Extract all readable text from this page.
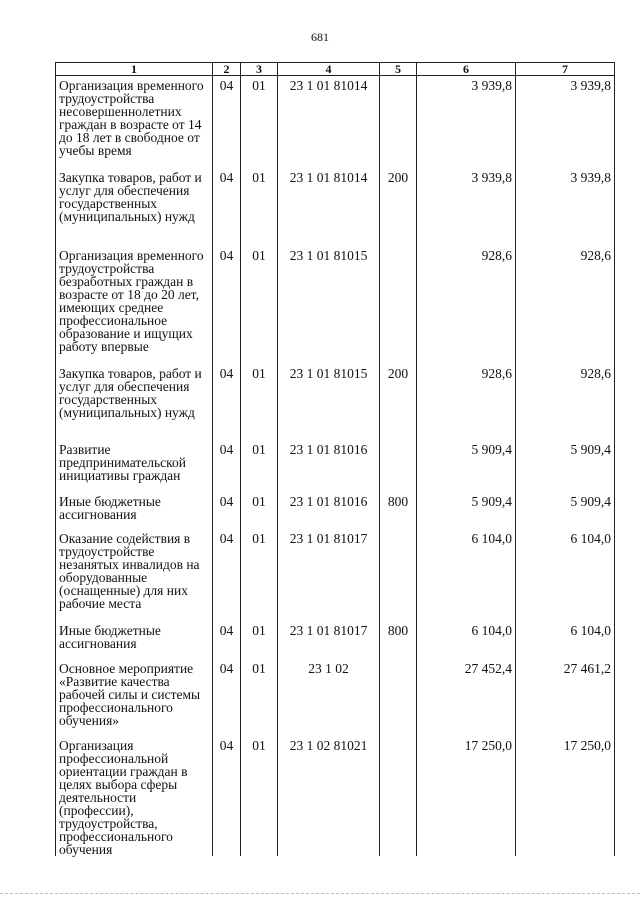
681
1	2	3	4	5	6	7
Организация временного трудоустройства несовершеннолетних граждан в возрасте от 14 до 18 лет в свободное от учебы время	04	01	23 1 01 81014		3 939,8	3 939,8
Закупка товаров, работ и услуг для обеспечения государственных (муниципальных) нужд	04	01	23 1 01 81014	200	3 939,8	3 939,8
Организация временного трудоустройства безработных граждан в возрасте от 18 до 20 лет, имеющих среднее профессиональное образование и ищущих работу впервые	04	01	23 1 01 81015		928,6	928,6
Закупка товаров, работ и услуг для обеспечения государственных (муниципальных) нужд	04	01	23 1 01 81015	200	928,6	928,6
Развитие предпринимательской инициативы граждан	04	01	23 1 01 81016		5 909,4	5 909,4
Иные бюджетные ассигнования	04	01	23 1 01 81016	800	5 909,4	5 909,4
Оказание содействия в трудоустройстве незанятых инвалидов на оборудованные (оснащенные) для них рабочие места	04	01	23 1 01 81017		6 104,0	6 104,0
Иные бюджетные ассигнования	04	01	23 1 01 81017	800	6 104,0	6 104,0
Основное мероприятие «Развитие качества рабочей силы и системы профессионального обучения»	04	01	23 1 02		27 452,4	27 461,2
Организация профессиональной ориентации граждан в целях выбора сферы деятельности (профессии), трудоустройства, профессионального обучения	04	01	23 1 02 81021		17 250,0	17 250,0
